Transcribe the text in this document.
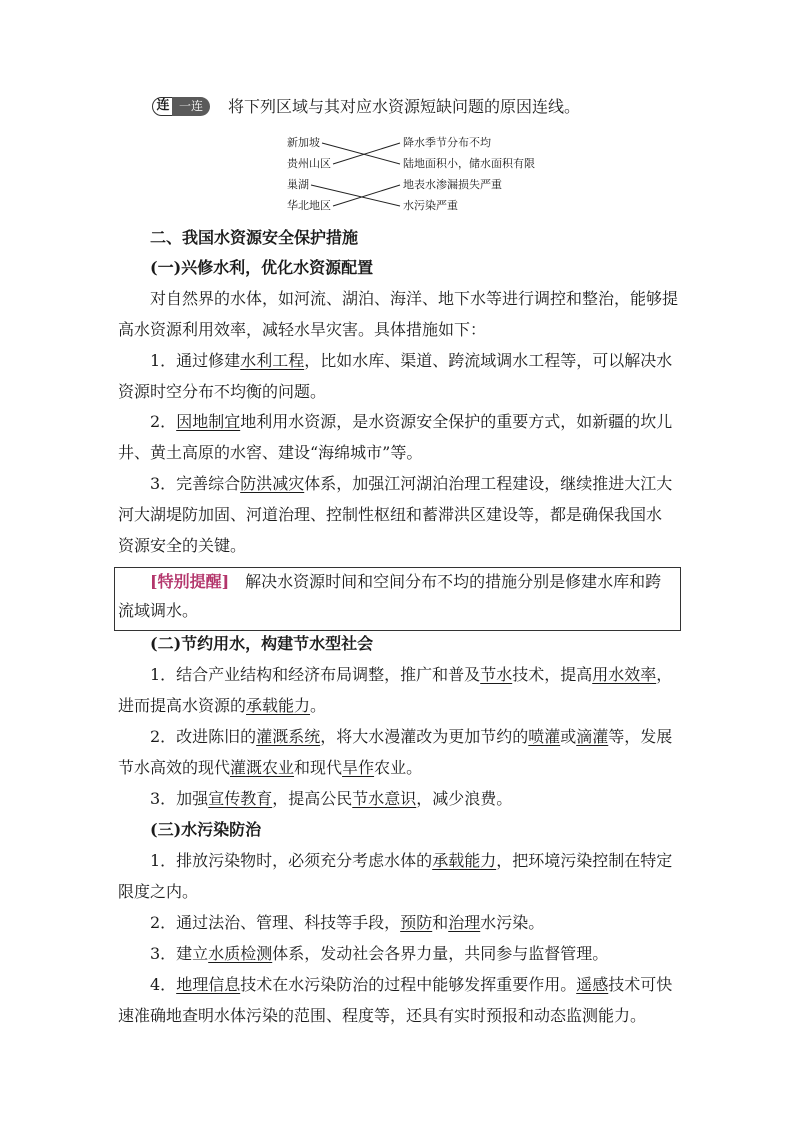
连 一连	将下列区域与其对应水资源短缺问题的原因连线。
新加坡
贵州山区
巢湖
华北地区
降水季节分布不均
陆地面积小，储水面积有限
地表水渗漏损失严重
水污染严重
二、我国水资源安全保护措施
(一)兴修水利，优化水资源配置
对自然界的水体，如河流、湖泊、海洋、地下水等进行调控和整治，能够提
高水资源利用效率，减轻水旱灾害。具体措施如下：
1．通过修建水利工程，比如水库、渠道、跨流域调水工程等，可以解决水
资源时空分布不均衡的问题。
2．因地制宜地利用水资源，是水资源安全保护的重要方式，如新疆的坎儿
井、黄土高原的水窖、建设“海绵城市”等。
3．完善综合防洪减灾体系，加强江河湖泊治理工程建设，继续推进大江大
河大湖堤防加固、河道治理、控制性枢纽和蓄滞洪区建设等，都是确保我国水
资源安全的关键。
[特别提醒]　解决水资源时间和空间分布不均的措施分别是修建水库和跨
流域调水。
(二)节约用水，构建节水型社会
1．结合产业结构和经济布局调整，推广和普及节水技术，提高用水效率，
进而提高水资源的承载能力。
2．改进陈旧的灌溉系统，将大水漫灌改为更加节约的喷灌或滴灌等，发展
节水高效的现代灌溉农业和现代旱作农业。
3．加强宣传教育，提高公民节水意识，减少浪费。
(三)水污染防治
1．排放污染物时，必须充分考虑水体的承载能力，把环境污染控制在特定
限度之内。
2．通过法治、管理、科技等手段，预防和治理水污染。
3．建立水质检测体系，发动社会各界力量，共同参与监督管理。
4．地理信息技术在水污染防治的过程中能够发挥重要作用。遥感技术可快
速准确地查明水体污染的范围、程度等，还具有实时预报和动态监测能力。
